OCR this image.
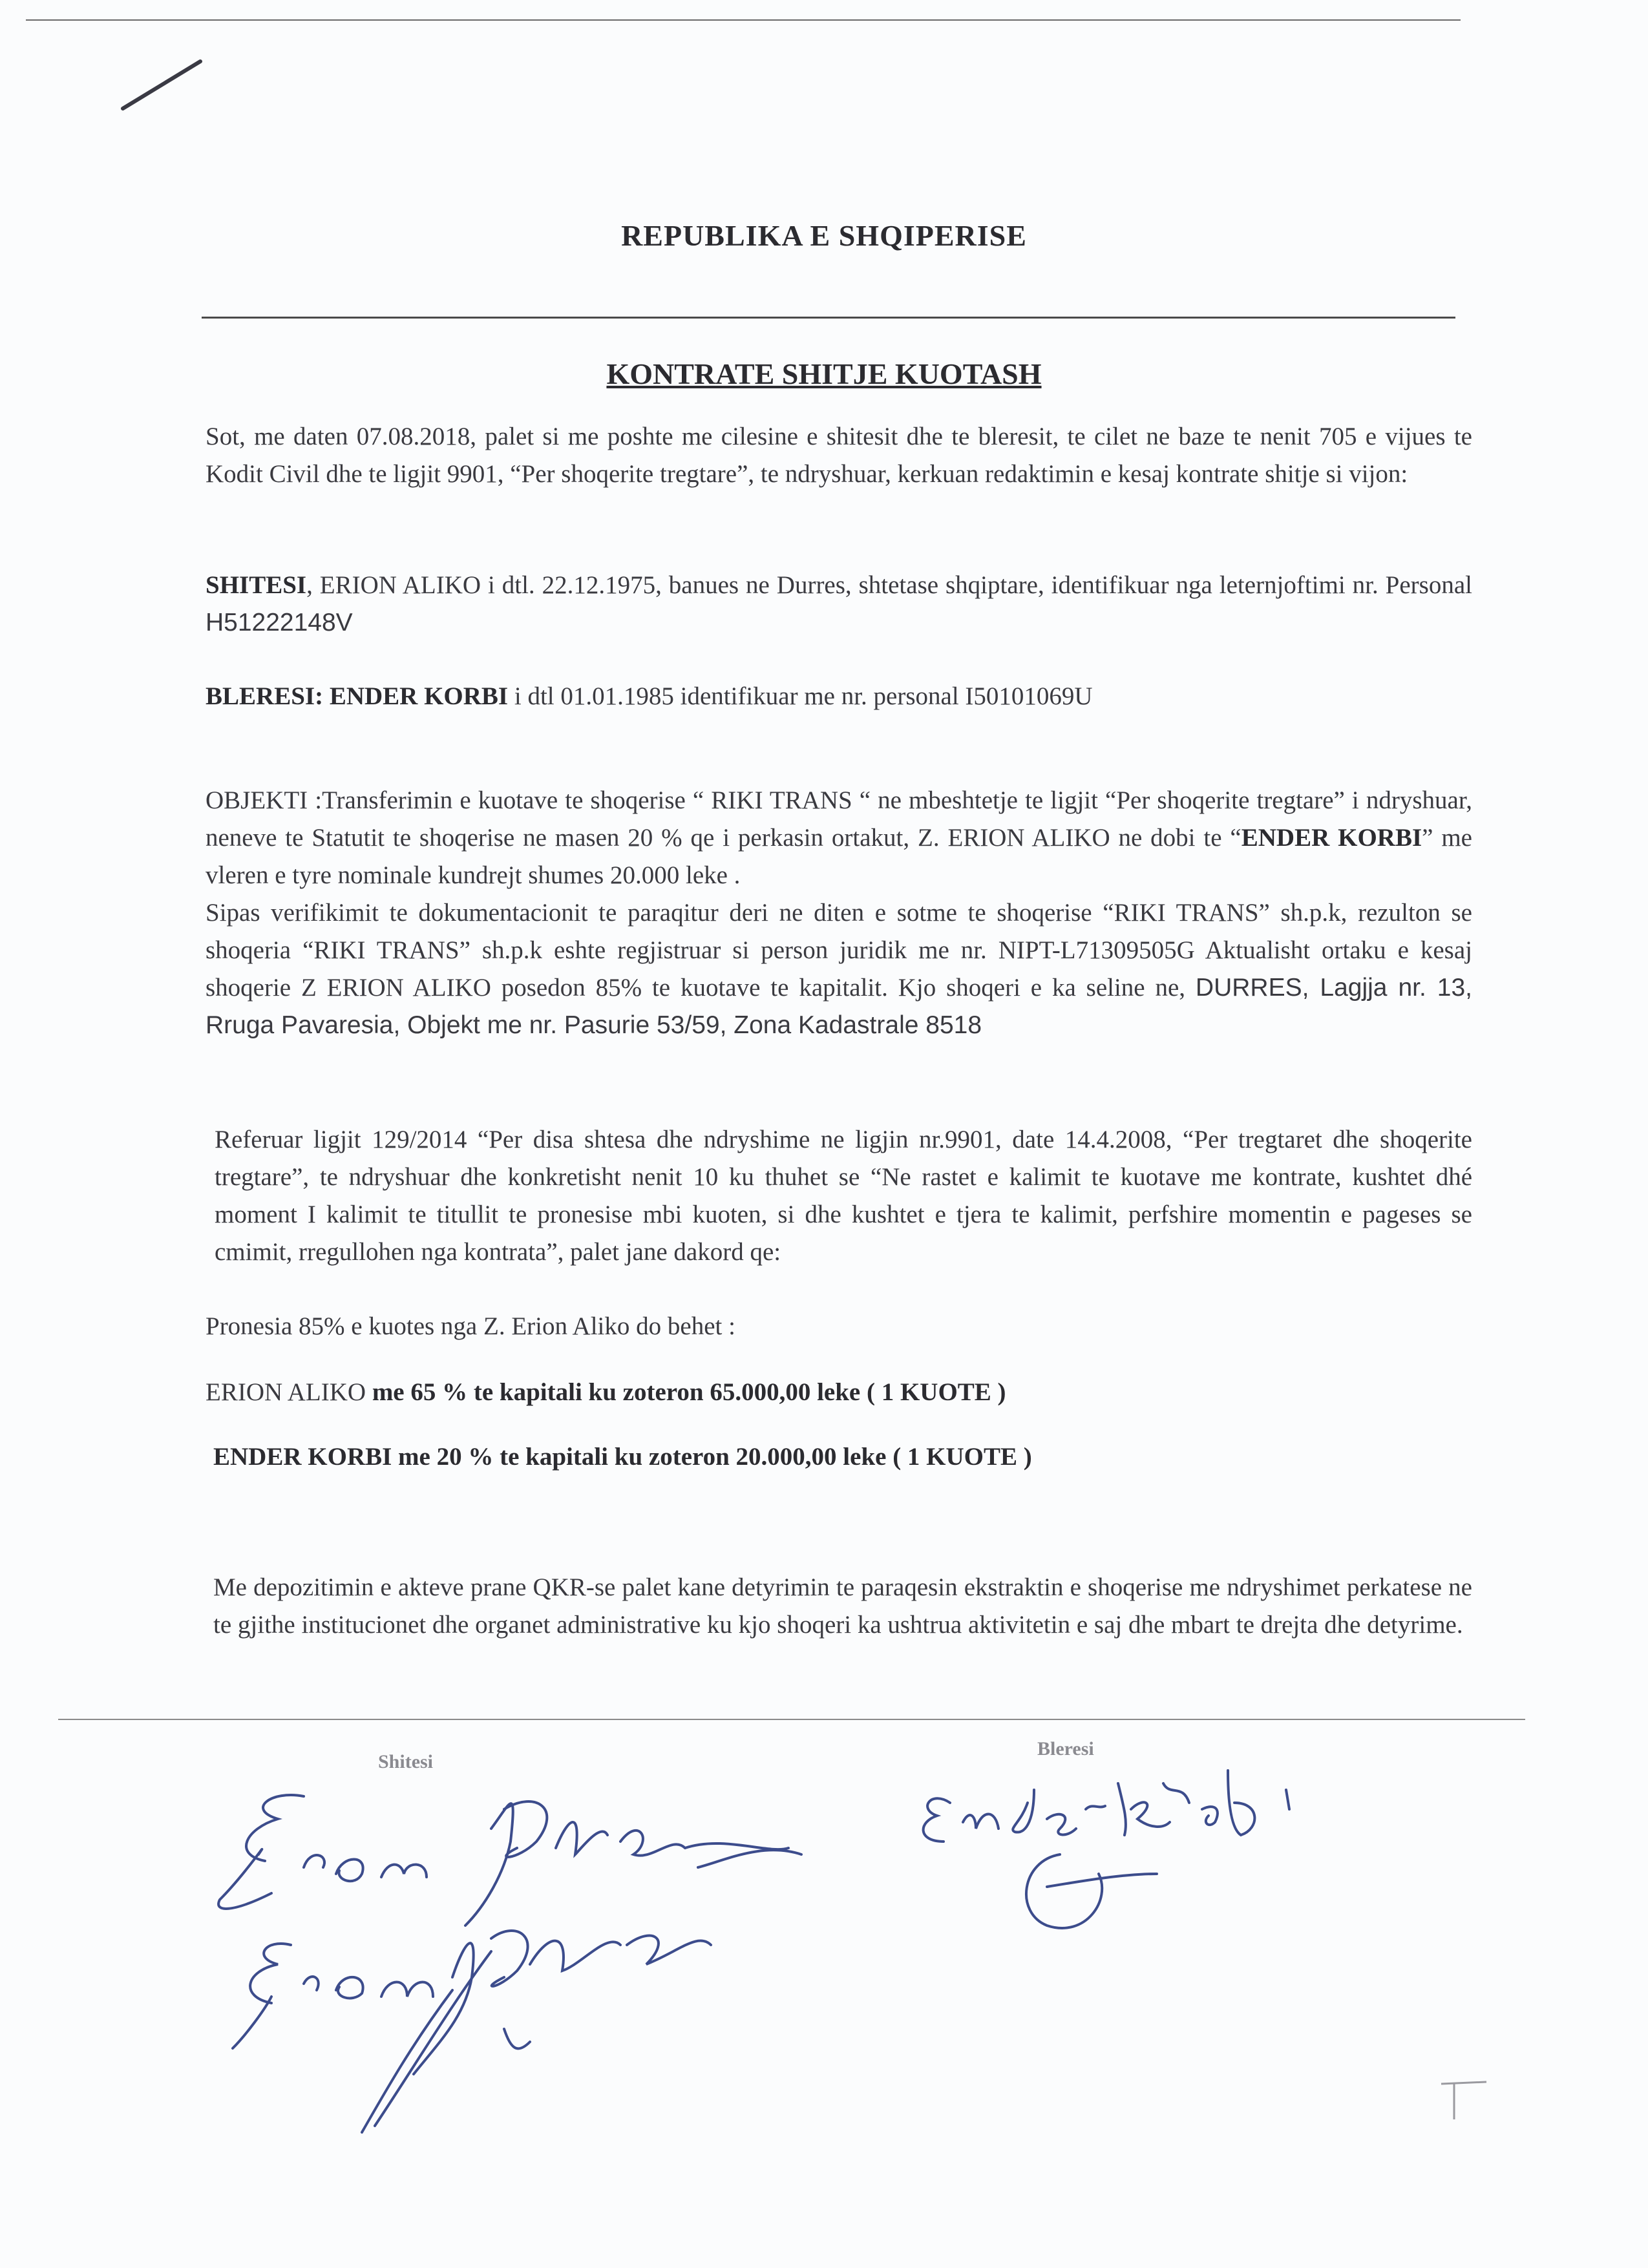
REPUBLIKA E SHQIPERISE
KONTRATE SHITJE KUOTASH
Sot, me daten 07.08.2018, palet si me poshte me cilesine e shitesit dhe te bleresit, te cilet ne baze te nenit 705 e vijues te Kodit Civil dhe te ligjit 9901, “Per shoqerite tregtare”, te ndryshuar, kerkuan redaktimin e kesaj kontrate shitje si vijon:
SHITESI, ERION ALIKO i dtl. 22.12.1975, banues ne Durres, shtetase shqiptare, identifikuar nga leternjoftimi nr. Personal H51222148V
BLERESI: ENDER KORBI i dtl 01.01.1985 identifikuar me nr. personal I50101069U
OBJEKTI :Transferimin e kuotave te shoqerise “ RIKI TRANS “ ne mbeshtetje te ligjit “Per shoqerite tregtare” i ndryshuar, neneve te Statutit te shoqerise ne masen 20 % qe i perkasin ortakut, Z. ERION ALIKO ne dobi te “ENDER KORBI” me vleren e tyre nominale kundrejt shumes 20.000 leke .
Sipas verifikimit te dokumentacionit te paraqitur deri ne diten e sotme te shoqerise “RIKI TRANS” sh.p.k, rezulton se shoqeria “RIKI TRANS” sh.p.k eshte regjistruar si person juridik me nr. NIPT-L71309505G Aktualisht ortaku e kesaj shoqerie Z ERION ALIKO posedon 85% te kuotave te kapitalit. Kjo shoqeri e ka seline ne, DURRES, Lagjja nr. 13, Rruga Pavaresia, Objekt me nr. Pasurie 53/59, Zona Kadastrale 8518
Referuar ligjit 129/2014 “Per disa shtesa dhe ndryshime ne ligjin nr.9901, date 14.4.2008, “Per tregtaret dhe shoqerite tregtare”, te ndryshuar dhe konkretisht nenit 10 ku thuhet se “Ne rastet e kalimit te kuotave me kontrate, kushtet dhé moment I kalimit te titullit te pronesise mbi kuoten, si dhe kushtet e tjera te kalimit, perfshire momentin e pageses se cmimit, rregullohen nga kontrata”, palet jane dakord qe:
Pronesia 85% e kuotes nga Z. Erion Aliko do behet :
ERION ALIKO me 65 % te kapitali ku zoteron 65.000,00 leke ( 1 KUOTE )
ENDER KORBI me 20 % te kapitali ku zoteron 20.000,00 leke ( 1 KUOTE )
Me depozitimin e akteve prane QKR-se palet kane detyrimin te paraqesin ekstraktin e shoqerise me ndryshimet perkatese ne te gjithe institucionet dhe organet administrative ku kjo shoqeri ka ushtrua aktivitetin e saj dhe mbart te drejta dhe detyrime.
Shitesi
Bleresi
